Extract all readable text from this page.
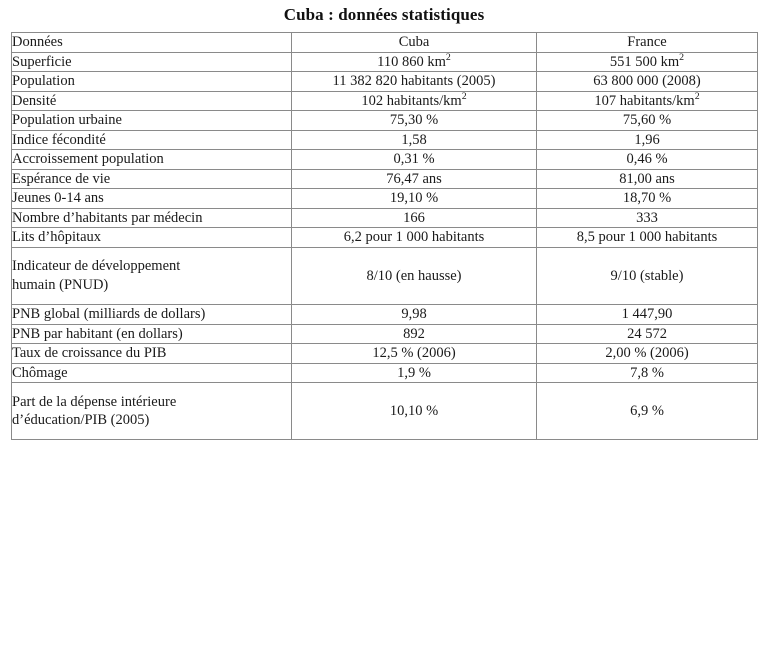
Cuba : données statistiques
Données	Cuba	France

Superficie	110 860 $km^2$	551 500 $km^2$

Population	11 382 820 habitants (2005)	63 800 000 (2008)

Densité	102 habitants/$km^2$	107 habitants/$km^2$

Population urbaine	75,30 %	75,60 %

Indice fécondité	1,58	1,96

Accroissement population	0,31 %	0,46 %

Espérance de vie	76,47 ans	81,00 ans

Jeunes 0-14 ans	19,10 %	18,70 %

Nombre d’habitants par médecin	166	333

Lits d’hôpitaux	6,2 pour 1 000 habitants	8,5 pour 1 000 habitants

Indicateur de développement
humain (PNUD)	8/10 (en hausse)	9/10 (stable)

PNB global (milliards de dollars)	9,98	1 447,90

PNB par habitant (en dollars)	892	24 572

Taux de croissance du PIB	12,5 % (2006)	2,00 % (2006)

Chômage	1,9 %	7,8 %

Part de la dépense intérieure
d’éducation/PIB (2005)	10,10 %	6,9 %
